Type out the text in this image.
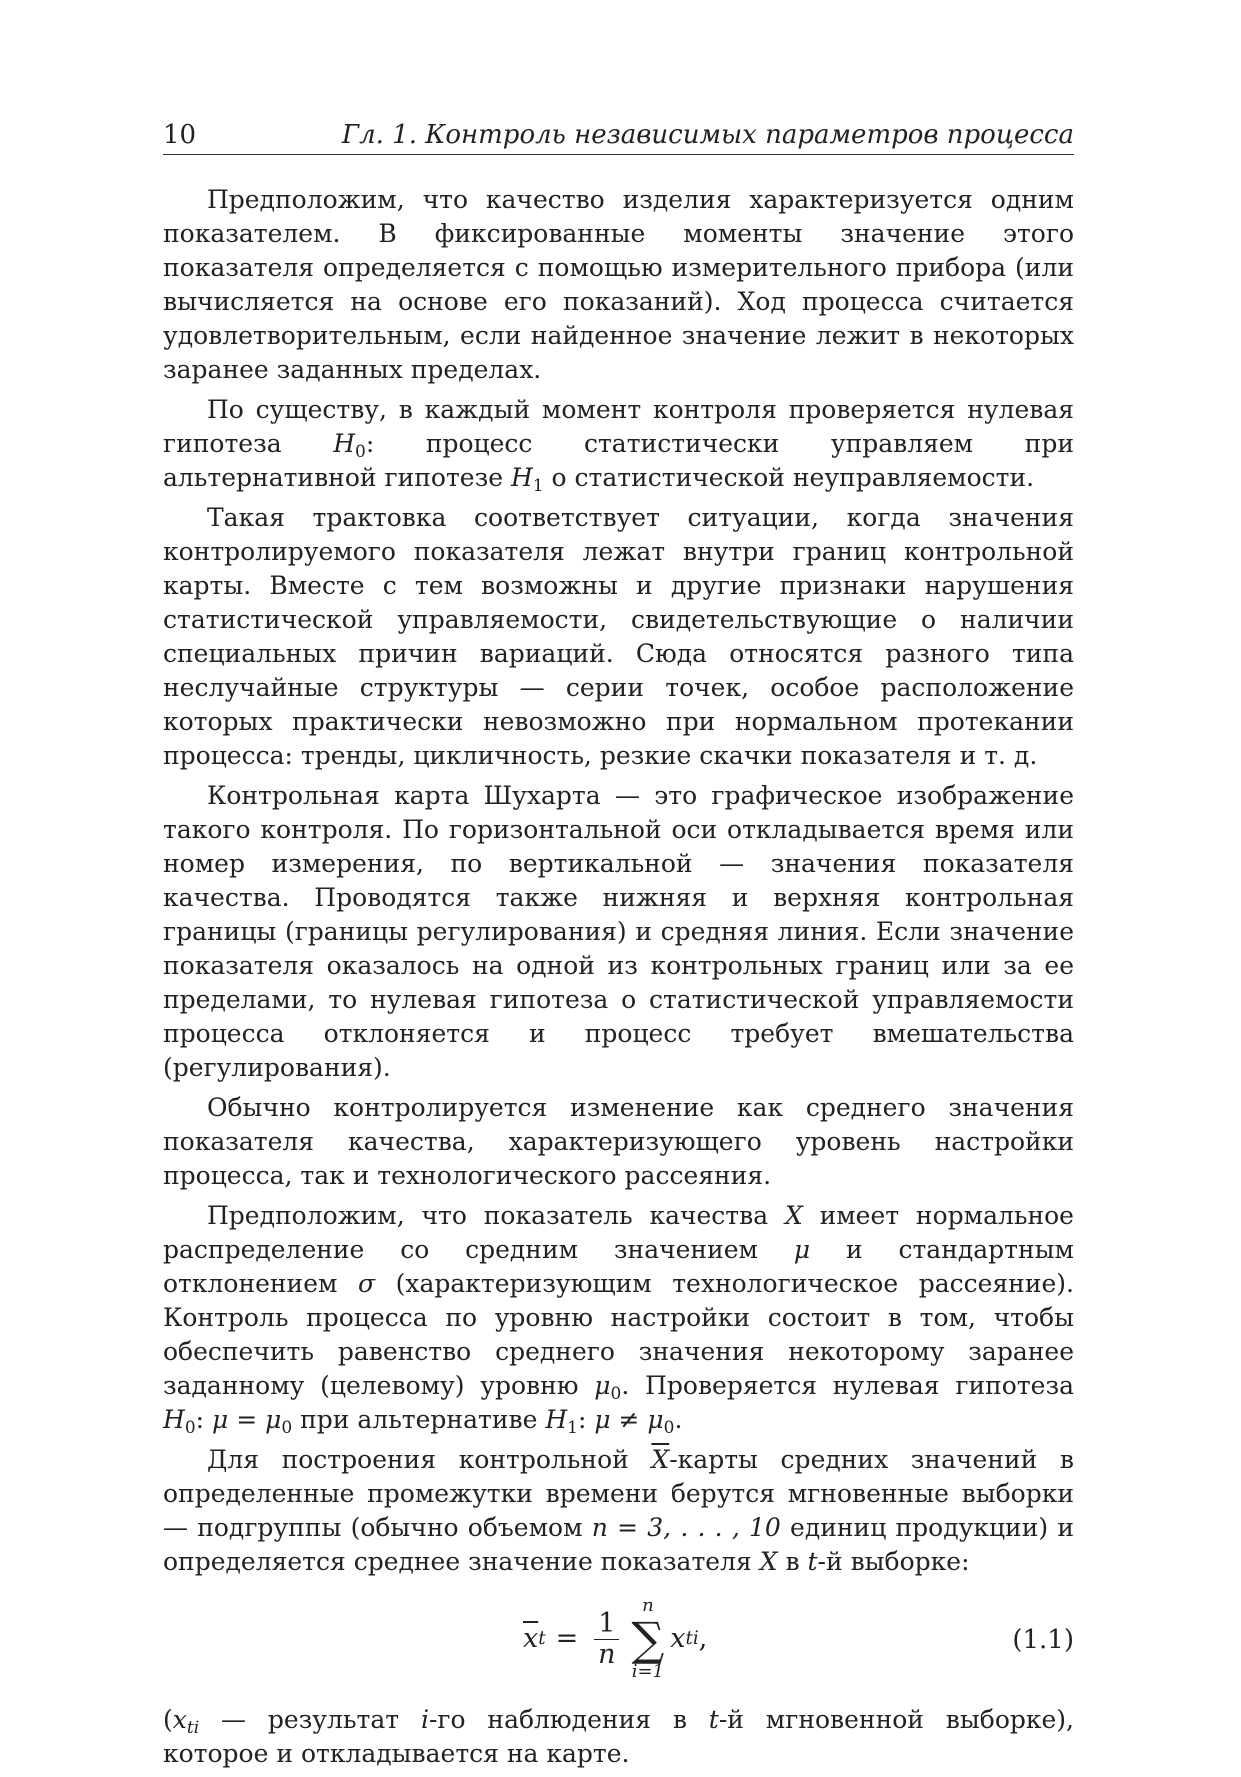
10	Гл. 1. Контроль независимых параметров процесса

Предположим, что качество изделия характеризуется одним показателем. В фиксированные моменты значение этого показателя определяется с помощью измерительного прибора (или вычисляется на основе его показаний). Ход процесса считается удовлетворительным, если найденное значение лежит в некоторых заранее заданных пределах.

По существу, в каждый момент контроля проверяется нулевая гипотеза $H_0$: процесс статистически управляем при альтернативной гипотезе $H_1$ о статистической неуправляемости.

Такая трактовка соответствует ситуации, когда значения контролируемого показателя лежат внутри границ контрольной карты. Вместе с тем возможны и другие признаки нарушения статистической управляемости, свидетельствующие о наличии специальных причин вариаций. Сюда относятся разного типа неслучайные структуры — серии точек, особое расположение которых практически невозможно при нормальном протекании процесса: тренды, цикличность, резкие скачки показателя и т. д.

Контрольная карта Шухарта — это графическое изображение такого контроля. По горизонтальной оси откладывается время или номер измерения, по вертикальной — значения показателя качества. Проводятся также нижняя и верхняя контрольная границы (границы регулирования) и средняя линия. Если значение показателя оказалось на одной из контрольных границ или за ее пределами, то нулевая гипотеза о статистической управляемости процесса отклоняется и процесс требует вмешательства (регулирования).

Обычно контролируется изменение как среднего значения показателя качества, характеризующего уровень настройки процесса, так и технологического рассеяния.

Предположим, что показатель качества X имеет нормальное распределение со средним значением μ и стандартным отклонением σ (характеризующим технологическое рассеяние). Контроль процесса по уровню настройки состоит в том, чтобы обеспечить равенство среднего значения некоторому заранее заданному (целевому) уровню $\mu_0$. Проверяется нулевая гипотеза $H_0$: $\mu = \mu_0$ при альтернативе $H_1$: $\mu \ne \mu_0$.

Для построения контрольной $\overline{X}$-карты средних значений в определенные промежутки времени берутся мгновенные выборки — подгруппы (обычно объемом n = 3, . . . , 10 единиц продукции) и определяется среднее значение показателя X в t-й выборке:

$\overline{x}$ $t = \frac{1}{n}$
n
∑
i=1
x ti ,	(1.1)

($x_{ti}$ — результат i-го наблюдения в t-й мгновенной выборке), которое и откладывается на карте.
